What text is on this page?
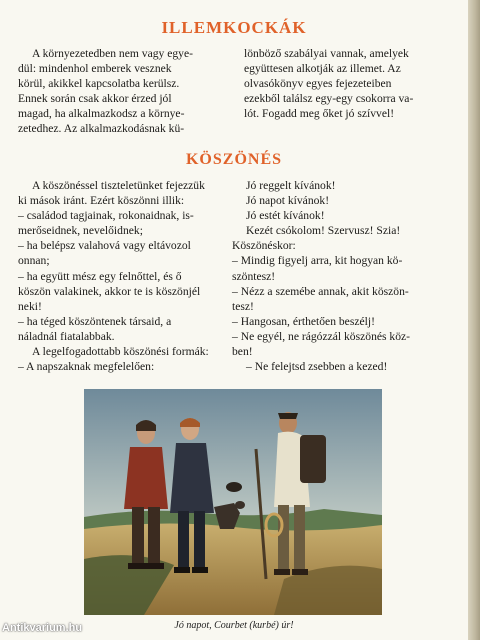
ILLEMKOCKÁK

A környezetedben nem vagy egye-

dül: mindenhol emberek vesznek

körül, akikkel kapcsolatba kerülsz.

Ennek során csak akkor érzed jól

magad, ha alkalmazkodsz a környe-

zetedhez. Az alkalmazkodásnak kü-

lönböző szabályai vannak, amelyek

együttesen alkotják az illemet. Az

olvasókönyv egyes fejezeteiben

ezekből találsz egy-egy csokorra va-

lót. Fogadd meg őket jó szívvel!

KÖSZÖNÉS

A köszönéssel tiszteletünket fejezzük

ki mások iránt. Ezért köszönni illik:

– családod tagjainak, rokonaidnak, is-

merőseidnek, nevelőidnek;

– ha belépsz valahová vagy eltávozol

onnan;

– ha együtt mész egy felnőttel, és ő

köszön valakinek, akkor te is köszönjél

neki!

– ha téged köszöntenek társaid, a

náladnál fiatalabbak.

A legelfogadottabb köszönési formák:

– A napszaknak megfelelően:

Jó reggelt kívánok!

Jó napot kívánok!

Jó estét kívánok!

Kezét csókolom! Szervusz! Szia!

Köszönéskor:

– Mindig figyelj arra, kit hogyan kö-

szöntesz!

– Nézz a szemébe annak, akit köszön-

tesz!

– Hangosan, érthetően beszélj!

– Ne egyél, ne rágózzál köszönés köz-

ben!

– Ne felejtsd zsebben a kezed!

Jó napot, Courbet (kurbé) úr!
Antikvarium.hu
